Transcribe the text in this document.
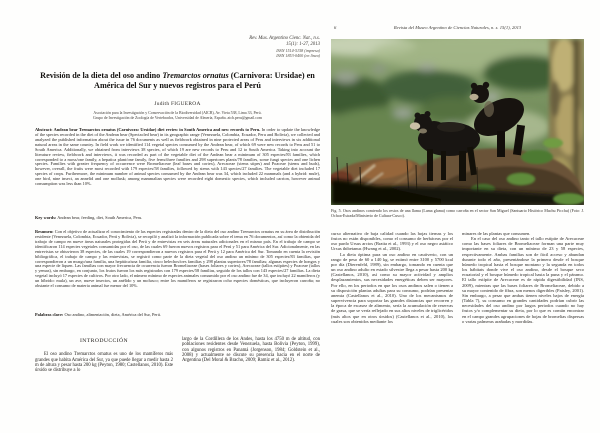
Rev. Mus. Argentino Cienc. Nat., n.s.
15(1): 1-27, 2013
ISSN 1514-5158 (impresa)
ISSN 1853-0400 (en línea)
Revisión de la dieta del oso andino Tremarctos ornatus (Carnivora: Ursidae) en América del Sur y nuevos registros para el Perú
Judith FIGUEROA
Asociación para la Investigación y Conservación de la Biodiversidad (AICB), Av. Vieta 538, Lima 33, Perú.
Grupo de Investigación de Zoología de Vertebrados, Universidad de Almería, España. aicb.peru@gmail.com
Abstract: Andean bear Tremarctos ornatus (Carnivora: Ursidae) diet review in South America and new records to Peru. In order to update the knowledge of the species recorded in the diet of the Andean bear (Spectacled bear) in its geographic range (Venezuela, Colombia, Ecuador, Peru and Bolivia), we collected and analyzed the published information about the issue in 76 documents as well as fieldwork obtained in nine protected areas of Peru and interviews in six additional natural areas in the same country. In field work we identified 114 vegetal species consumed by the Andean bear, of which 69 were new records to Peru and 51 to South America. Additionally, we obtained from interviews 38 species, of which 19 are new records to Peru and 12 to South America. Taking into account the literature review, fieldwork and interviews, it was recorded as part of the vegetable diet of the Andean bear a minimum of 305 especies/83 families, which corresponded to a moss/one family, a hepatica plant/one family, five ferns/three families and 298 superiores plants/78 families, some fungi species and one lichen species. Families with greater frequency of occurrence were Bromeliaceae (leaf bases and cortex), Arecaceae (stems stipes) and Poaceae (stems and buds), however, overall, the fruits were most recorded with 179 especies/58 families, followed by stems with 143 species/27 families. The vegetable diet included 17 species of crops. Furthermore, the minimum number of animal species consumed by the Andean bear was 34, which included 22 mammals (and a hybrid: mule), one bird, nine insect, an annelid and one mollusk; among mammalian species were recorded eight domestic species, which included carrion, however animal consumption was less than 10%.
Key words: Andean bear, feeding, diet, South America, Peru.
Resumen: Con el objetivo de actualizar el conocimiento de las especies registradas dentro de la dieta del oso andino Tremarctos ornatus en su área de distribución residente (Venezuela, Colombia, Ecuador, Perú y Bolivia), se recopiló y analizó la información publicada sobre el tema en 76 documentos, así como la obtenida del trabajo de campo en nueve áreas naturales protegidas del Perú y de entrevistas en seis áreas naturales adicionales en el mismo país. En el trabajo de campo se identificaron 114 especies vegetales consumidas por el oso, de las cuales 69 fueron nuevos registros para el Perú y 51 para América del Sur. Adicionalmente, en las entrevistas se obtuvieron 38 especies, de las cuales 19 correspondieron a nuevos registros para el Perú y 12 para América del Sur. Tomando en cuenta la revisión bibliográfica, el trabajo de campo y las entrevistas, se registró como parte de la dieta vegetal del oso andino un mínimo de 305 especies/83 familias, que correspondieron a un musgo/una familia, una hepática/una familia, cinco helechos/tres familias y 298 plantas superiores/78 familias; algunas especies de hongos y una especie de liquen. Las familias con mayor frecuencia de ocurrencia fueron Bromeliaceae (bases foliares y cortex), Arecaceae (tallos estípites) y Poaceae (tallos y yemas), sin embargo, en conjunto, los frutos fueron los más registrados con 179 especies/58 familias, seguido de los tallos con 143 especies/27 familias. La dieta vegetal incluyó 17 especies de cultivos. Por otro lado, el número mínimo de especies animales consumido por el oso andino fue de 34, que incluyó 22 mamíferos (y un híbrido: mula), un ave, nueve insectos, un anélido y un molusco; entre los mamíferos se registraron ocho especies domésticas, que incluyeron carroña; no obstante el consumo de materia animal fue menor del 10%.
Palabras clave: Oso andino, alimentación, dieta, América del Sur, Perú.
INTRODUCCIÓN
El oso andino Tremarctos ornatus es uno de los mamíferos más grandes que habita América del Sur, ya que puede llegar a medir hasta 2 m de altura y pesar hasta 200 kg (Peyton, 1980; Castellanos, 2010). Este úrsido se distribuye a lo
largo de la Cordillera de los Andes, hasta los 4750 m de altitud, con poblaciones residentes desde Venezuela, hasta Bolivia (Peyton, 1999), con algunos registros en Panamá (Jorgenson, 1984; Goldstein et al., 2008) y actualmente se discute su presencia hacia en el norte de Argentina (Del Moral & Bracho, 2009; Ramiz et al., 2012).
6	Revista del Museo Argentino de Ciencias Naturales, n. s. 15(1), 2013
Fig. 5. Osos andinos comiendo los restos de una llama (Lama glama) como carroña en el sector San Miguel (Santuario Histórico Machu Picchu) (Foto: J. Ochoa-Estrada/Ministerio de Cultura-Cusco).

curso alternativo de baja calidad cuando las hojas tiernas y los frutos no están disponibles, como el consumo de herbáceas por el oso pardo Ursus arctos (Bratta et al., 1993) y el oso negro asiático Ursus thibetanus (Hwang et al., 2002).

La dieta óptima para un oso andino en cautiverio, con un rango de peso de 60 a 140 kg, se estimó entre 3100 y 5700 kcal por día (Dierenfeld, 1989), sin embargo, tomando en cuenta que un oso andino adulto en estado silvestre llega a pesar hasta 200 kg (Castellanos, 2010), así como su mayor actividad y amplios desplazamientos, sus necesidades energéticas deben ser mayores. Por ello, en los periodos en que los osos andinos salen o tienen a su disposición plantas adultas para su consumo, podrían presentar anemia (Castellanos et al., 2010). Uno de los mecanismos de supervivencia para soportar las grandes distancias que recorren y la época de escasez de alimento, sería la acumulación de reservas de grasa, que se vería reflejado en sus altos niveles de triglicéridos (más altos que en otros úrsidos) (Castellanos et al., 2010), los cuales son obtenidos mediante los

minares de las plantas que consumen.

En el caso del oso andino tanto el tallo estípite de Arecaceae como las bases foliares de Bromeliaceae forman una parte muy importante en su dieta, con un mínimo de 23 y 58 especies, respectivamente. Ambas familias son de fácil acceso y abundan durante todo el año, presentándose la primera desde el bosque húmedo tropical hasta el bosque montano y la segunda en todos los hábitats donde vive el oso andino, desde el bosque seco ecuatorial y el bosque húmedo tropical hasta la puna y el páramo. El tallo estípite de Arecaceae es de rápida digestibilidad (INS, 2009), mientras que las bases foliares de Bromeliaceae, debido a su mayor contenido de fibra, son menos digeribles (Paisley, 2001). Sin embargo, a pesar que ambas tienen niveles bajos de energía (Tabla 7), su consumo en grandes cantidades podrían cubrir las necesidades del oso andino por largos periodos cuando no hay frutos y/o complementar su dieta, por lo que es común encontrar en el campo grandes agrupaciones de hojas de bromelias dispersas o varias palmeras arañadas y mordidas.
